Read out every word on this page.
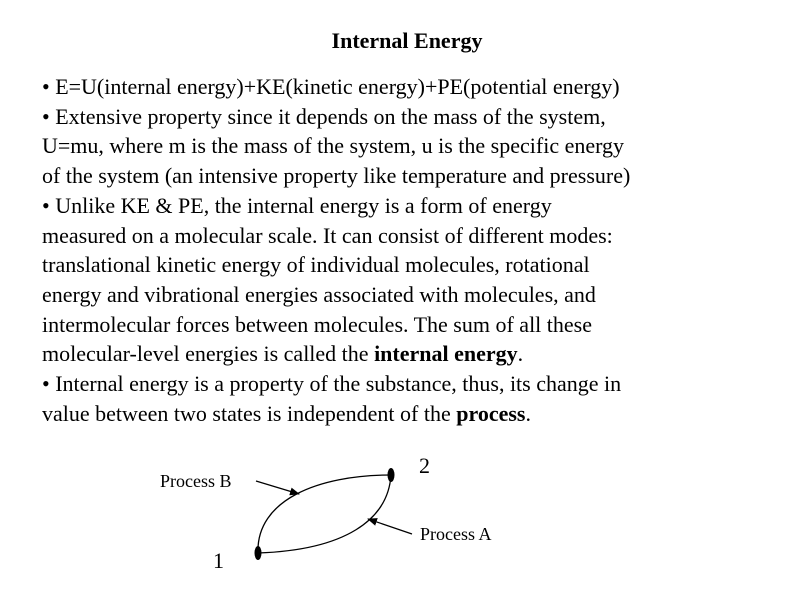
Internal Energy
• E=U(internal energy)+KE(kinetic energy)+PE(potential energy)
• Extensive property since it depends on the mass of the system,
U=mu, where m is the mass of the system, u is the specific energy
of the system (an intensive property like temperature and pressure)
• Unlike KE & PE, the internal energy is a form of energy
measured on a molecular scale. It can consist of different modes:
translational kinetic energy of individual molecules, rotational
energy and vibrational energies associated with molecules, and
intermolecular forces between molecules. The sum of all these
molecular-level energies is called the internal energy.
• Internal energy is a property of the substance, thus, its change in
value between two states is independent of the process.
Process B
Process A
1
2
